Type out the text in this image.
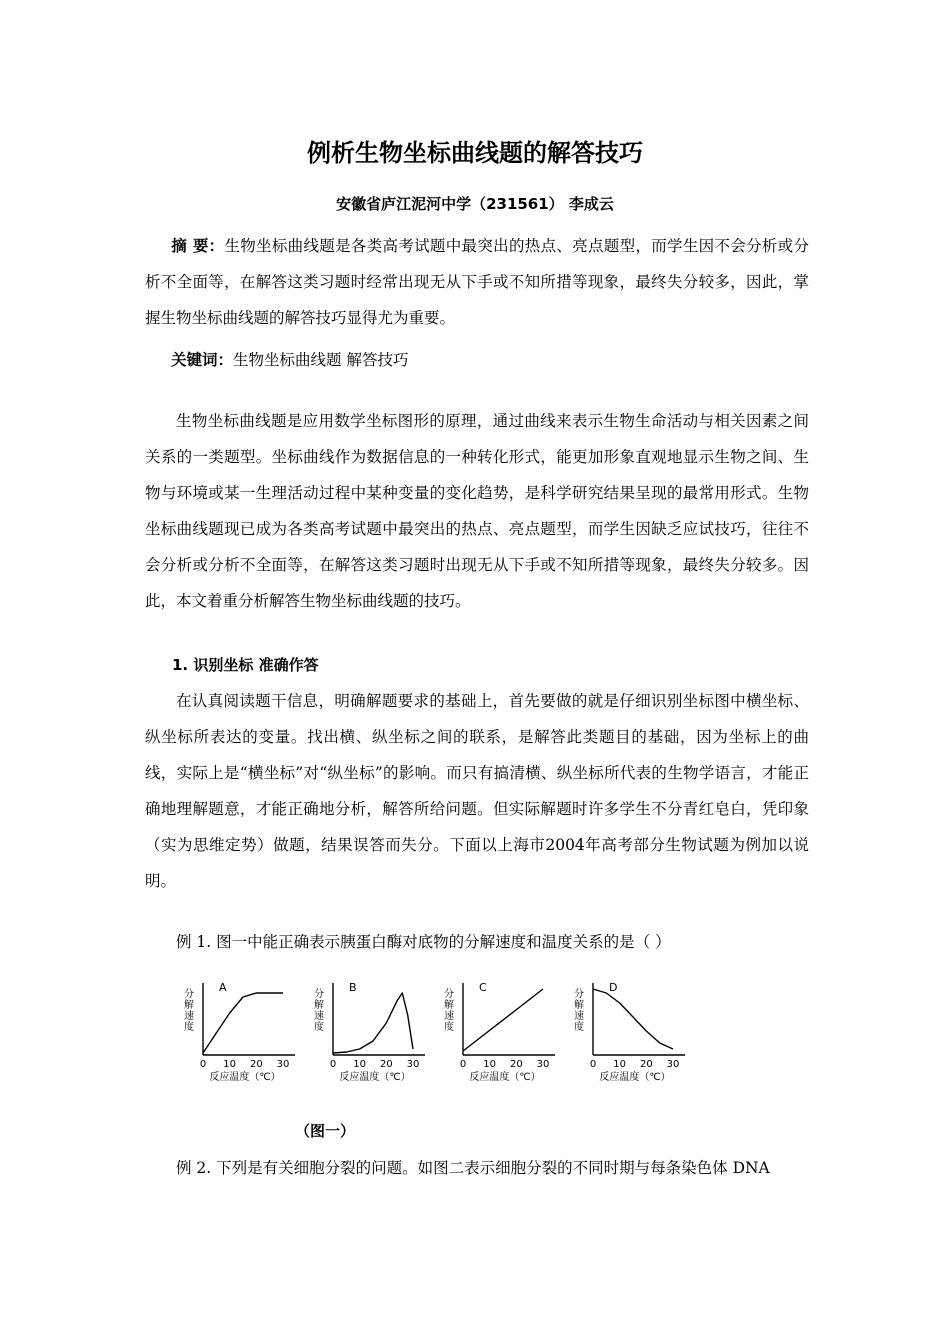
例析生物坐标曲线题的解答技巧
安徽省庐江泥河中学（231561） 李成云
摘 要：生物坐标曲线题是各类高考试题中最突出的热点、亮点题型，而学生因不会分析或分析不全面等，在解答这类习题时经常出现无从下手或不知所措等现象，最终失分较多，因此，掌握生物坐标曲线题的解答技巧显得尤为重要。
关键词：生物坐标曲线题 解答技巧
生物坐标曲线题是应用数学坐标图形的原理，通过曲线来表示生物生命活动与相关因素之间关系的一类题型。坐标曲线作为数据信息的一种转化形式，能更加形象直观地显示生物之间、生物与环境或某一生理活动过程中某种变量的变化趋势，是科学研究结果呈现的最常用形式。生物坐标曲线题现已成为各类高考试题中最突出的热点、亮点题型，而学生因缺乏应试技巧，往往不会分析或分析不全面等，在解答这类习题时出现无从下手或不知所措等现象，最终失分较多。因此，本文着重分析解答生物坐标曲线题的技巧。
1. 识别坐标 准确作答
在认真阅读题干信息，明确解题要求的基础上，首先要做的就是仔细识别坐标图中横坐标、纵坐标所表达的变量。找出横、纵坐标之间的联系，是解答此类题目的基础，因为坐标上的曲线，实际上是“横坐标”对“纵坐标”的影响。而只有搞清横、纵坐标所代表的生物学语言，才能正确地理解题意，才能正确地分析，解答所给问题。但实际解题时许多学生不分青红皂白，凭印象（实为思维定势）做题，结果误答而失分。下面以上海市2004年高考部分生物试题为例加以说明。
例 1. 图一中能正确表示胰蛋白酶对底物的分解速度和温度关系的是（ ）
A
分
解
速
度
0 10 20 30
反应温度（℃）
B
分
解
速
度
0 10 20 30
反应温度（℃）
C
分
解
速
度
0 10 20 30
反应温度（℃）
D
分
解
速
度
0 10 20 30
反应温度（℃）
（图一）
例 2. 下列是有关细胞分裂的问题。如图二表示细胞分裂的不同时期与每条染色体 DNA
